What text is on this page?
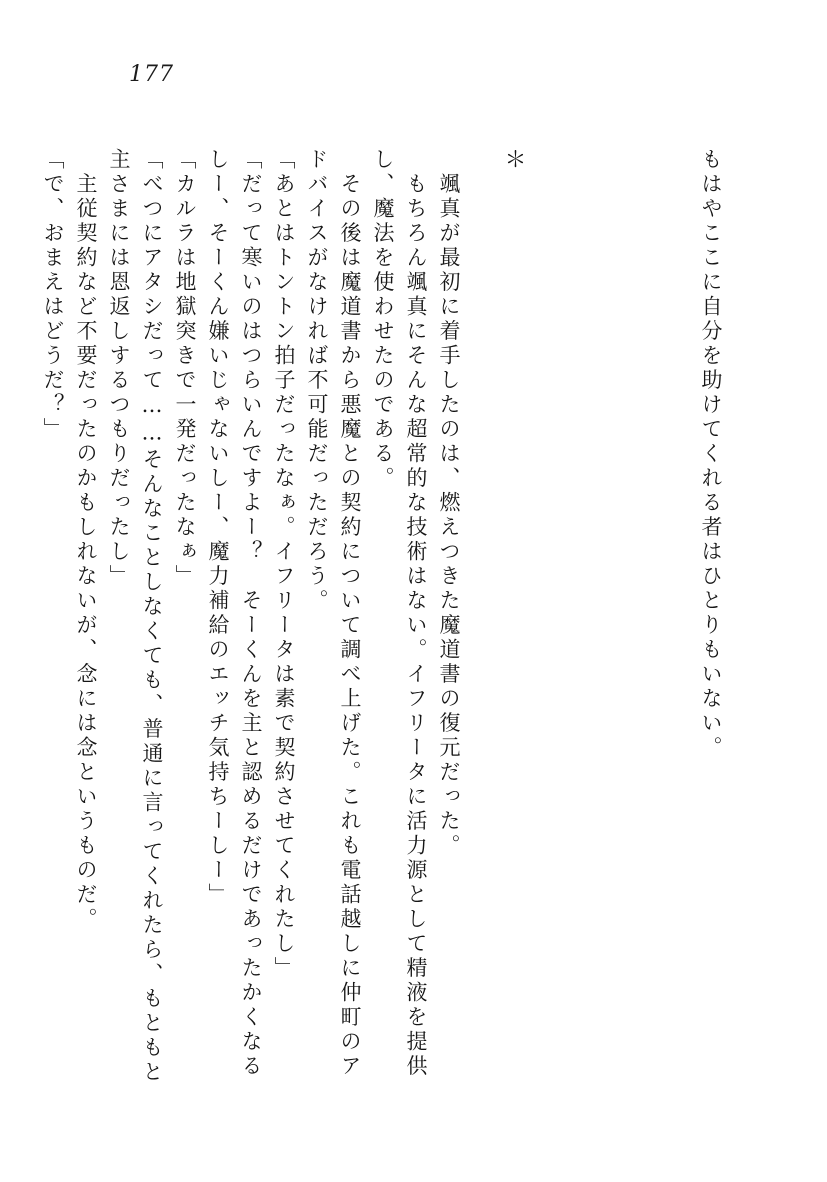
177

もはやここに自分を助けてくれる者はひとりもいない。

＊

　颯真が最初に着手したのは、燃えつきた魔道書の復元だった。

　もちろん颯真にそんな超常的な技術はない。イフリータに活力源として精液を提供

し、魔法を使わせたのである。

　その後は魔道書から悪魔との契約について調べ上げた。これも電話越しに仲町のア

ドバイスがなければ不可能だっただろう。

「あとはトントン拍子だったなぁ。イフリータは素で契約させてくれたし」

「だって寒いのはつらいんですよー？　そーくんを主と認めるだけであったかくなる

しー、そーくん嫌いじゃないしー、魔力補給のエッチ気持ちーしー」

「カルラは地獄突きで一発だったなぁ」

「べつにアタシだって……そんなことしなくても、普通に言ってくれたら、もともと

主さまには恩返しするつもりだったし」

　主従契約など不要だったのかもしれないが、念には念というものだ。

「で、おまえはどうだ？」
